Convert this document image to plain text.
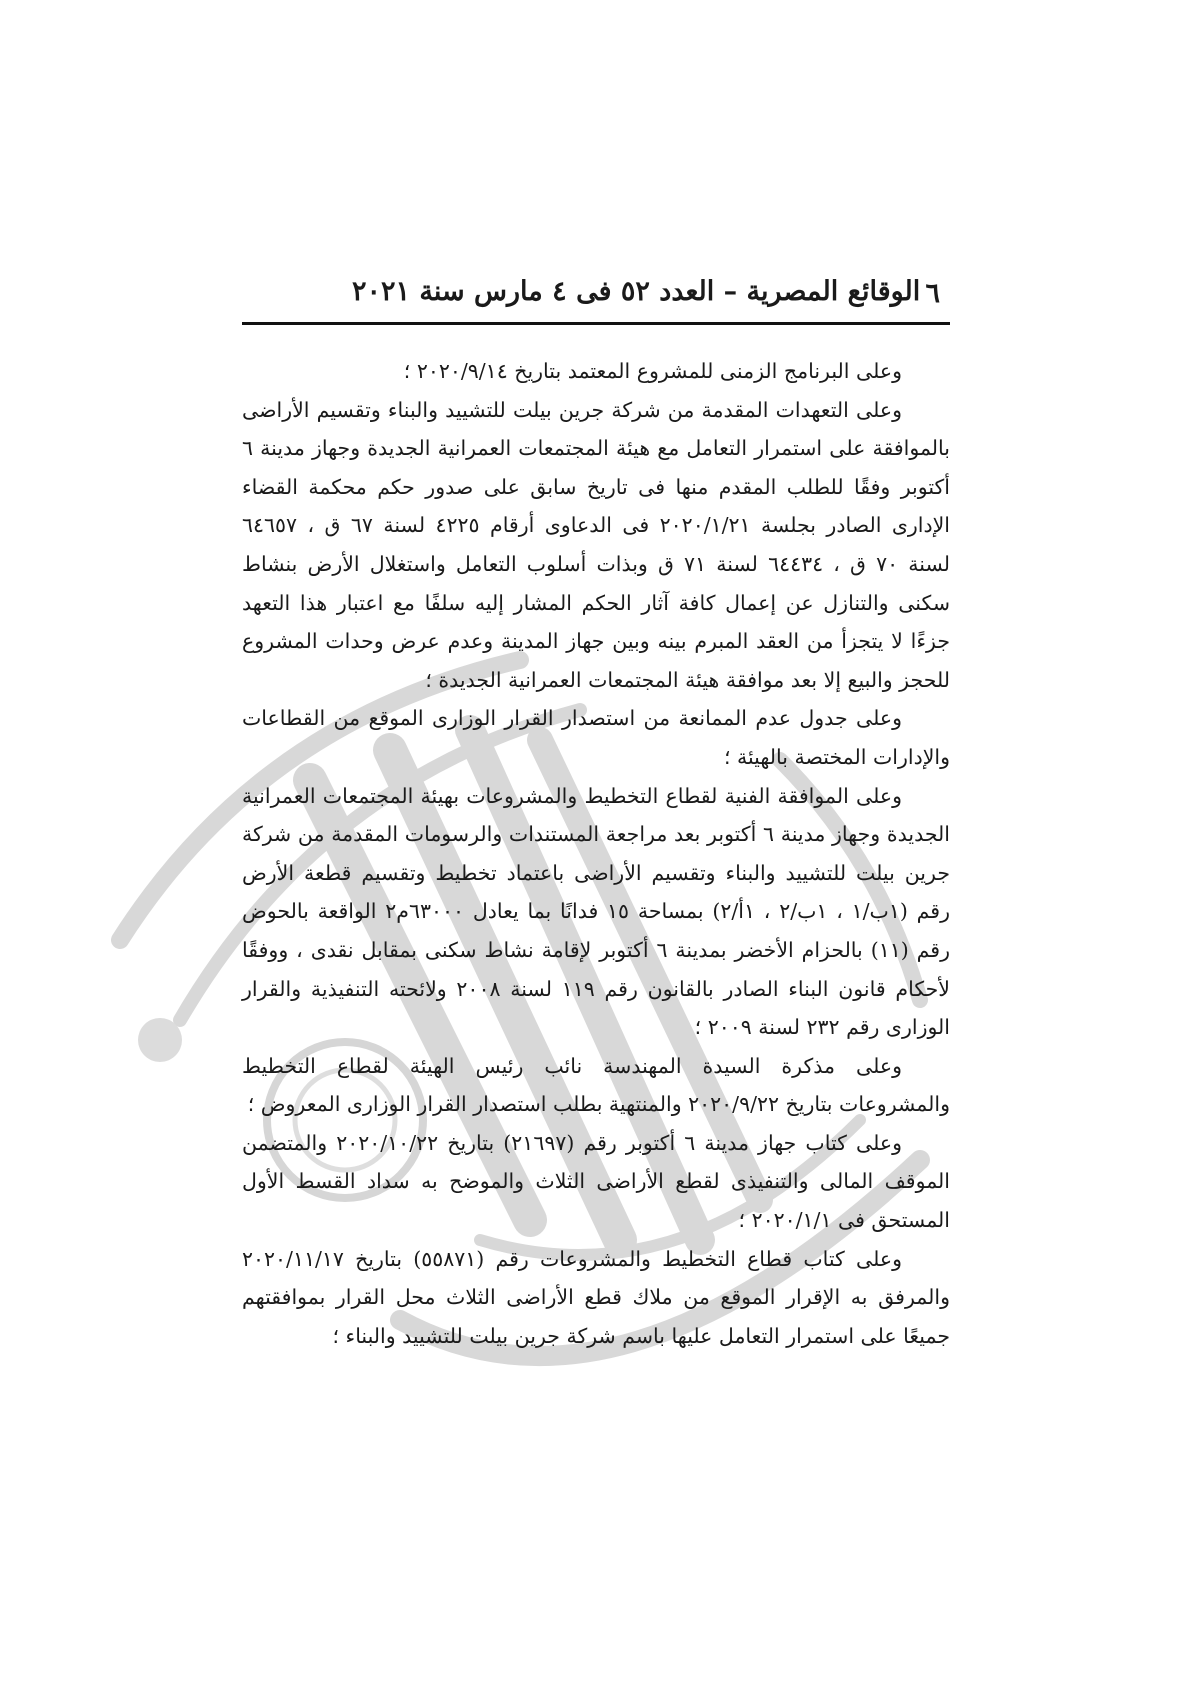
٦
الوقائع المصرية – العدد ٥٢ فى ٤ مارس سنة ٢٠٢١

وعلى البرنامج الزمنى للمشروع المعتمد بتاريخ ٢٠٢٠/٩/١٤ ؛

وعلى التعهدات المقدمة من شركة جرين بيلت للتشييد والبناء وتقسيم الأراضى بالموافقة على استمرار التعامل مع هيئة المجتمعات العمرانية الجديدة وجهاز مدينة ٦ أكتوبر وفقًا للطلب المقدم منها فى تاريخ سابق على صدور حكم محكمة القضاء الإدارى الصادر بجلسة ٢٠٢٠/١/٢١ فى الدعاوى أرقام ٤٢٢٥ لسنة ٦٧ ق ، ٦٤٦٥٧ لسنة ٧٠ ق ، ٦٤٤٣٤ لسنة ٧١ ق وبذات أسلوب التعامل واستغلال الأرض بنشاط سكنى والتنازل عن إعمال كافة آثار الحكم المشار إليه سلفًا مع اعتبار هذا التعهد جزءًا لا يتجزأ من العقد المبرم بينه وبين جهاز المدينة وعدم عرض وحدات المشروع للحجز والبيع إلا بعد موافقة هيئة المجتمعات العمرانية الجديدة ؛

وعلى جدول عدم الممانعة من استصدار القرار الوزارى الموقع من القطاعات والإدارات المختصة بالهيئة ؛

وعلى الموافقة الفنية لقطاع التخطيط والمشروعات بهيئة المجتمعات العمرانية الجديدة وجهاز مدينة ٦ أكتوبر بعد مراجعة المستندات والرسومات المقدمة من شركة جرين بيلت للتشييد والبناء وتقسيم الأراضى باعتماد تخطيط وتقسيم قطعة الأرض رقم (١ب/١ ، ١ب/٢ ، ١أ/٢) بمساحة ١٥ فدانًا بما يعادل ٦٣٠٠٠م٢ الواقعة بالحوض رقم (١١) بالحزام الأخضر بمدينة ٦ أكتوبر لإقامة نشاط سكنى بمقابل نقدى ، ووفقًا لأحكام قانون البناء الصادر بالقانون رقم ١١٩ لسنة ٢٠٠٨ ولائحته التنفيذية والقرار الوزارى رقم ٢٣٢ لسنة ٢٠٠٩ ؛

وعلى مذكرة السيدة المهندسة نائب رئيس الهيئة لقطاع التخطيط والمشروعات بتاريخ ٢٠٢٠/٩/٢٢ والمنتهية بطلب استصدار القرار الوزارى المعروض ؛

وعلى كتاب جهاز مدينة ٦ أكتوبر رقم (٢١٦٩٧) بتاريخ ٢٠٢٠/١٠/٢٢ والمتضمن الموقف المالى والتنفيذى لقطع الأراضى الثلاث والموضح به سداد القسط الأول المستحق فى ٢٠٢٠/١/١ ؛

وعلى كتاب قطاع التخطيط والمشروعات رقم (٥٥٨٧١) بتاريخ ٢٠٢٠/١١/١٧ والمرفق به الإقرار الموقع من ملاك قطع الأراضى الثلاث محل القرار بموافقتهم جميعًا على استمرار التعامل عليها باسم شركة جرين بيلت للتشييد والبناء ؛
